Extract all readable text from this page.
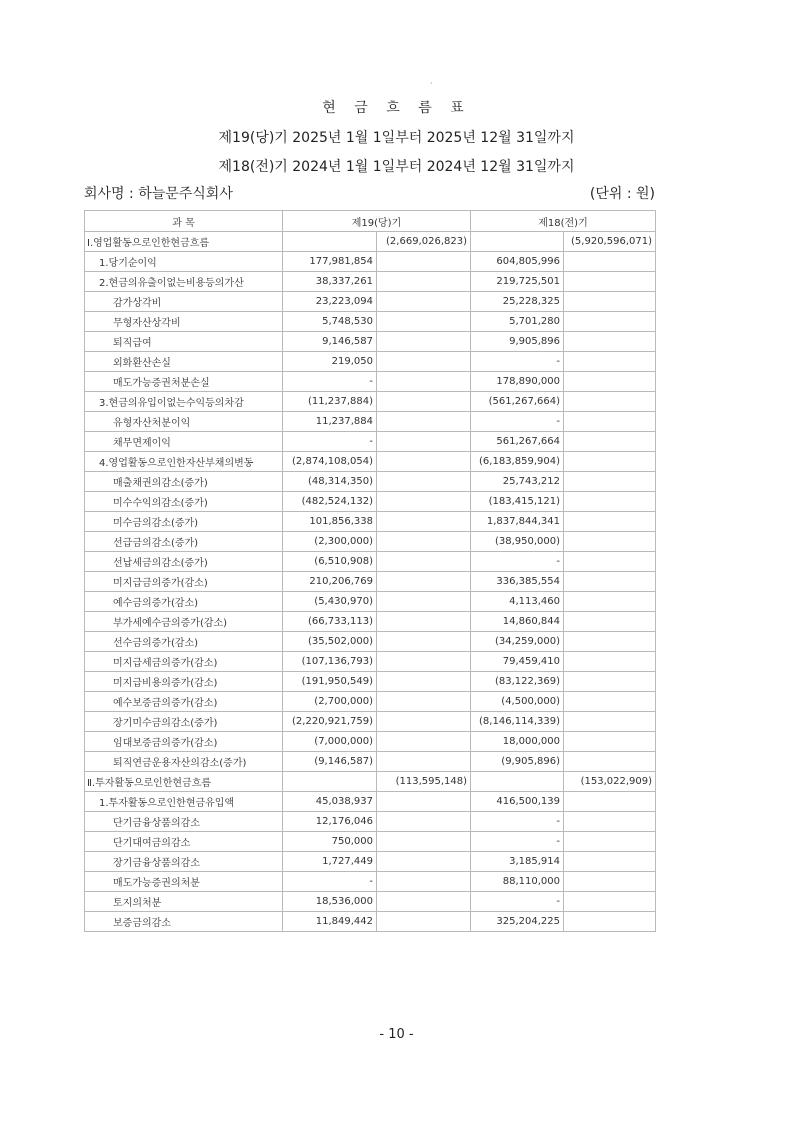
·
현 금 흐 름 표
제19(당)기 2025년 1월 1일부터 2025년 12월 31일까지
제18(전)기 2024년 1월 1일부터 2024년 12월 31일까지
회사명 : 하늘문주식회사	(단위 : 원)
과 목	제19(당)기		제18(전)기	
Ⅰ.영업활동으로인한현금흐름		(2,669,026,823)		(5,920,596,071)
1.당기순이익	177,981,854		604,805,996	
2.현금의유출이없는비용등의가산	38,337,261		219,725,501	
감가상각비	23,223,094		25,228,325	
무형자산상각비	5,748,530		5,701,280	
퇴직급여	9,146,587		9,905,896	
외화환산손실	219,050		-	
매도가능증권처분손실	-		178,890,000	
3.현금의유입이없는수익등의차감	(11,237,884)		(561,267,664)	
유형자산처분이익	11,237,884		-	
채무면제이익	-		561,267,664	
4.영업활동으로인한자산부채의변동	(2,874,108,054)		(6,183,859,904)	
매출채권의감소(증가)	(48,314,350)		25,743,212	
미수수익의감소(증가)	(482,524,132)		(183,415,121)	
미수금의감소(증가)	101,856,338		1,837,844,341	
선급금의감소(증가)	(2,300,000)		(38,950,000)	
선납세금의감소(증가)	(6,510,908)		-	
미지급금의증가(감소)	210,206,769		336,385,554	
예수금의증가(감소)	(5,430,970)		4,113,460	
부가세예수금의증가(감소)	(66,733,113)		14,860,844	
선수금의증가(감소)	(35,502,000)		(34,259,000)	
미지급세금의증가(감소)	(107,136,793)		79,459,410	
미지급비용의증가(감소)	(191,950,549)		(83,122,369)	
예수보증금의증가(감소)	(2,700,000)		(4,500,000)	
장기미수금의감소(증가)	(2,220,921,759)		(8,146,114,339)	
임대보증금의증가(감소)	(7,000,000)		18,000,000	
퇴직연금운용자산의감소(증가)	(9,146,587)		(9,905,896)	
Ⅱ.투자활동으로인한현금흐름		(113,595,148)		(153,022,909)
1.투자활동으로인한현금유입액	45,038,937		416,500,139	
단기금융상품의감소	12,176,046		-	
단기대여금의감소	750,000		-	
장기금융상품의감소	1,727,449		3,185,914	
매도가능증권의처분	-		88,110,000	
토지의처분	18,536,000		-	
보증금의감소	11,849,442		325,204,225	
- 10 -
